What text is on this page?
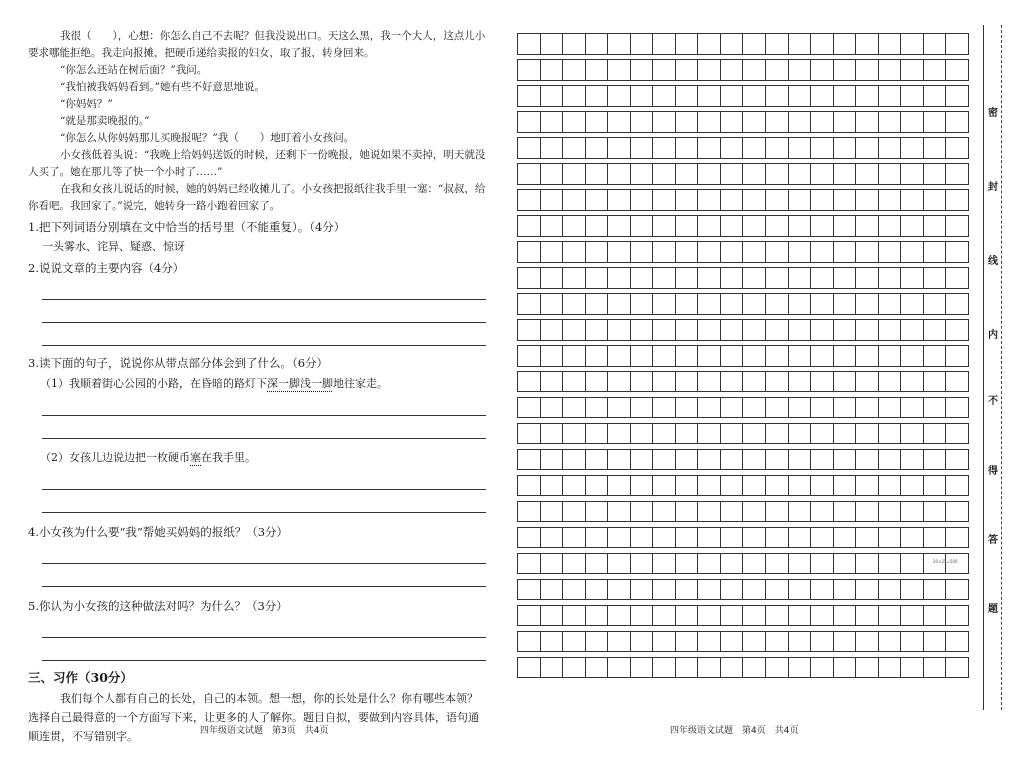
我很（　　），心想：你怎么自己不去呢？但我没说出口。天这么黑，我一个大人，这点儿小要求哪能拒绝。我走向报摊，把硬币递给卖报的妇女，取了报，转身回来。
“你怎么还站在树后面？”我问。
“我怕被我妈妈看到。”她有些不好意思地说。
“你妈妈？”
“就是那卖晚报的。”
“你怎么从你妈妈那儿买晚报呢？”我（　　）地盯着小女孩问。
小女孩低着头说：“我晚上给妈妈送饭的时候，还剩下一份晚报，她说如果不卖掉，明天就没人买了。她在那儿等了快一个小时了……”
在我和女孩儿说话的时候，她的妈妈已经收摊儿了。小女孩把报纸往我手里一塞：“叔叔，给你看吧。我回家了。”说完，她转身一路小跑着回家了。
1.把下列词语分别填在文中恰当的括号里（不能重复）。（4分）
一头雾水、诧异、疑惑、惊讶
2.说说文章的主要内容（4分）
3.读下面的句子，说说你从带点部分体会到了什么。（6分）
（1）我顺着街心公园的小路，在昏暗的路灯下深一脚浅一脚地往家走。
（2）女孩儿边说边把一枚硬币塞在我手里。
4.小女孩为什么要“我”帮她买妈妈的报纸？（3分）
5.你认为小女孩的这种做法对吗？为什么？（3分）
三、习作（30分）
我们每个人都有自己的长处，自己的本领。想一想，你的长处是什么？你有哪些本领？选择自己最得意的一个方面写下来，让更多的人了解你。题目自拟，要做到内容具体，语句通顺连贯，不写错别字。	四年级语文试题　第3页　共4页
20×25=500
四年级语文试题　第4页　共4页
密
封
线
内
不
得
答
题
